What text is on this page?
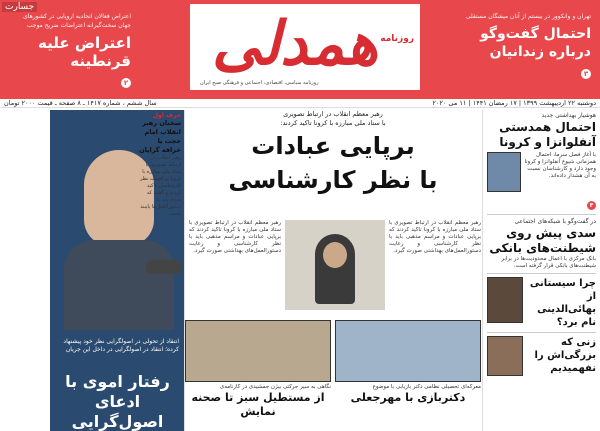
جسارت
تهران و وانکوور در بیستم از آنان میشگان مستقلی
احتمال گفت‌وگو درباره زندانیان
۳
همدلی روزنامه
روزنامه سیاسی، اقتصادی، اجتماعی و فرهنگی صبح ایران
اعتراض فعالان اتحادیه اروپایی در کشورهای جهان سخت‌گیرانه اعتراضات ضریح موجب
اعتراض علیه قرنطینه
۲
دوشنبه ۲۲ اردیبهشت ۱۳۹۹ | ۱۷ رمضان ۱۴۴۱ | ۱۱ می ۲۰۲۰
سال ششم ، شماره ۱۴۱۷ ـ ۸ صفحه ـ قیمت ۲۰۰۰ تومان
هوشیار بهداشتی جدید
احتمال همدستی آنفلوانزا و کرونا
با آغاز فصل سرما، احتمال همزمانی شیوع آنفلوانزا و کرونا وجود دارد و کارشناسان نسبت به آن هشدار داده‌اند.
۴
در گفت‌وگو با شبکه‌های اجتماعی
سدی پیش روی شیطنت‌های بانکی
بانک مرکزی با اعمال محدودیت‌ها در برابر شیطنت‌های بانکی قرار گرفته است.
چرا سیستانی از بهائی‌الدینی نام برد؟
زنی که بزرگی‌اش را نفهمیدیم
رهبر معظم انقلاب در ارتباط تصویری
با ستاد ملی مبارزه با کرونا تاکید کردند:
برپایی عبادات
با نظر کارشناسی
رهبر معظم انقلاب در ارتباط تصویری با ستاد ملی مبارزه با کرونا تاکید کردند که برپایی عبادات و مراسم مذهبی باید با نظر کارشناسی و رعایت دستورالعمل‌های بهداشتی صورت گیرد.
رهبر معظم انقلاب در ارتباط تصویری با ستاد ملی مبارزه با کرونا تاکید کردند که برپایی عبادات و مراسم مذهبی باید با نظر کارشناسی و رعایت دستورالعمل‌های بهداشتی صورت گیرد.
معرکه‌ای تحصیلی نظامی دکتر بازیابی با موضوع
دکتربازی با مهرجعلی
نگاهی به سیر حرکتی بیژن جمشیدی در کارنامه‌ی
از مستطیل سبز تا صحنه نمایش
انتقاد از تحولی در اصولگرایی نظر خود پیشنهاد کرده؛ انتقاد در اصولگرایی در داخل این جریان
رفتار اموی با ادعای اصول‌گرایی
حرف اول
سخنان رهبر انقلاب امام حجت یا خرافه گرایان
رهبر انقلاب در ارتباط تصویری با ستاد ملی مبارزه با کرونا بر اهمیت نظر کارشناسان تاکید کردند و گفتند که مردم باید به دستورالعمل‌ها پایبند باشند.
